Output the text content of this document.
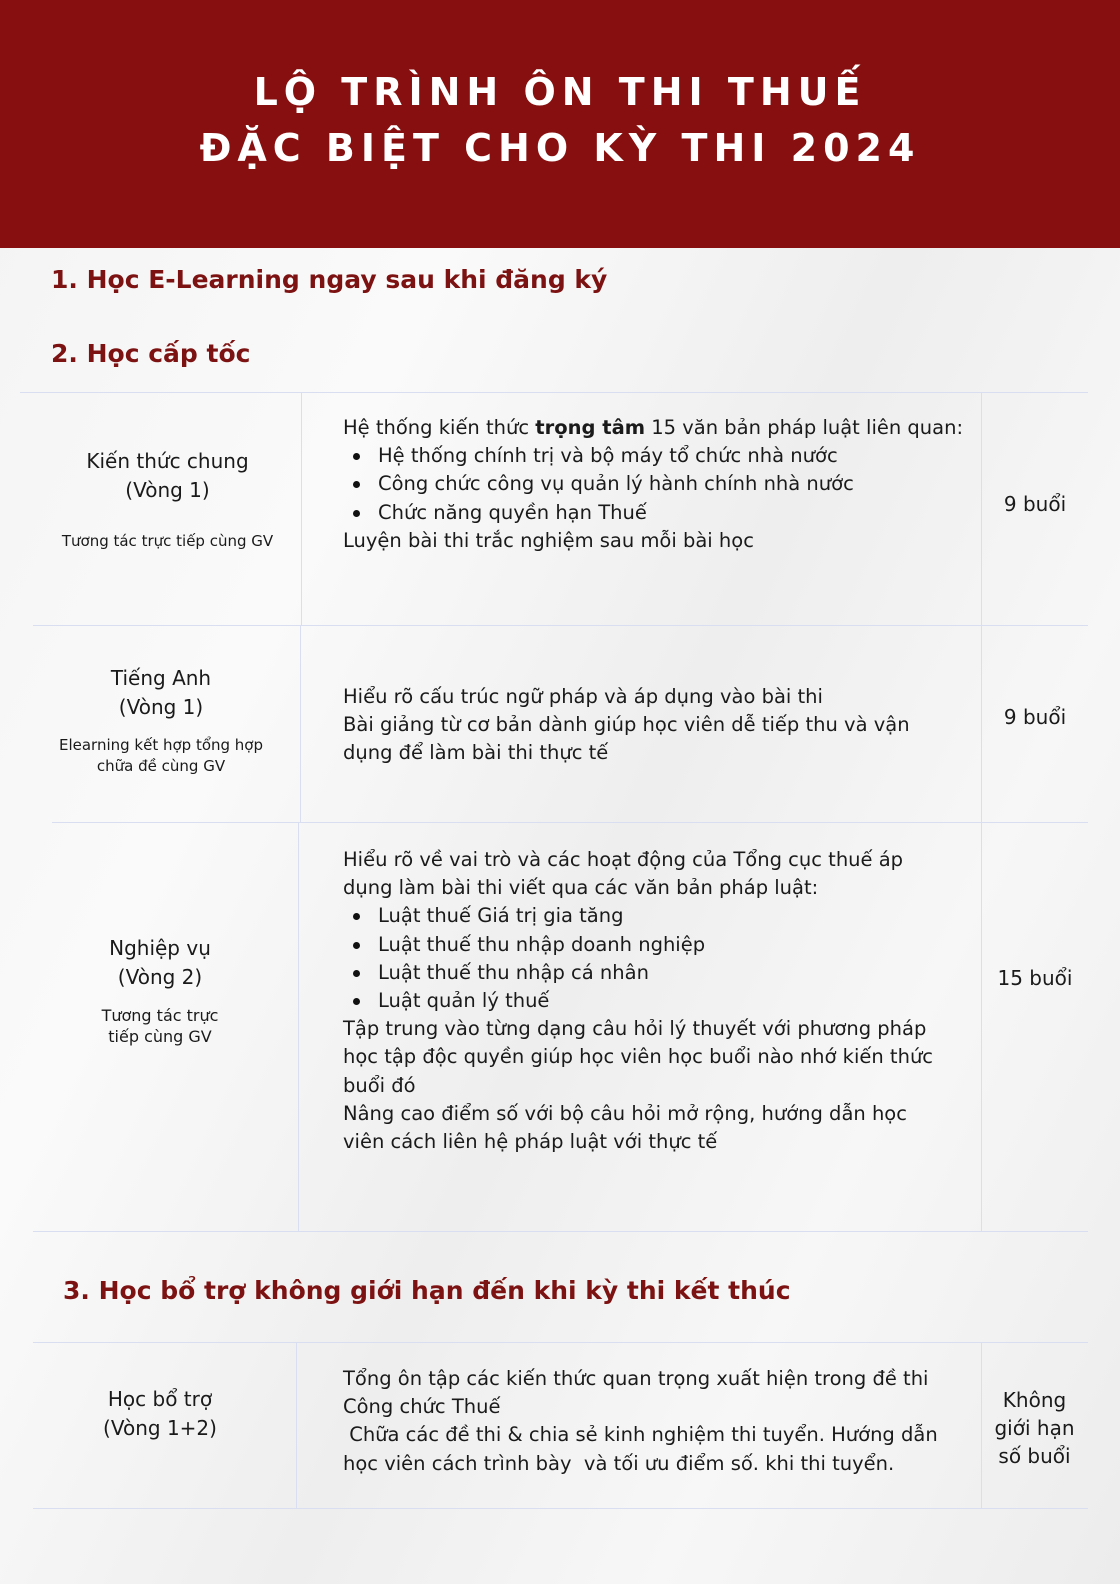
LỘ TRÌNH ÔN THI THUẾ
ĐẶC BIỆT CHO KỲ THI 2024
1. Học E-Learning ngay sau khi đăng ký
2. Học cấp tốc
3. Học bổ trợ không giới hạn đến khi kỳ thi kết thúc

Kiến thức chung

(Vòng 1)

Tương tác trực tiếp cùng GV

Hệ thống kiến thức trọng tâm 15 văn bản pháp luật liên quan:

Hệ thống chính trị và bộ máy tổ chức nhà nước
Công chức công vụ quản lý hành chính nhà nước
Chức năng quyền hạn Thuế

Luyện bài thi trắc nghiệm sau mỗi bài học

9 buổi

Tiếng Anh

(Vòng 1)

Elearning kết hợp tổng hợp chữa đề cùng GV

Hiểu rõ cấu trúc ngữ pháp và áp dụng vào bài thi

Bài giảng từ cơ bản dành giúp học viên dễ tiếp thu và vận dụng để làm bài thi thực tế

9 buổi

Nghiệp vụ

(Vòng 2)

Tương tác trực tiếp cùng GV

Hiểu rõ về vai trò và các hoạt động của Tổng cục thuế áp dụng làm bài thi viết qua các văn bản pháp luật:

Luật thuế Giá trị gia tăng
Luật thuế thu nhập doanh nghiệp
Luật thuế thu nhập cá nhân
Luật quản lý thuế

Tập trung vào từng dạng câu hỏi lý thuyết với phương pháp học tập độc quyền giúp học viên học buổi nào nhớ kiến thức buổi đó

Nâng cao điểm số với bộ câu hỏi mở rộng, hướng dẫn học viên cách liên hệ pháp luật với thực tế

15 buổi

Học bổ trợ

(Vòng 1+2)

Tổng ôn tập các kiến thức quan trọng xuất hiện trong đề thi Công chức Thuế

Chữa các đề thi & chia sẻ kinh nghiệm thi tuyển. Hướng dẫn học viên cách trình bày  và tối ưu điểm số. khi thi tuyển.

Không giới hạn số buổi
